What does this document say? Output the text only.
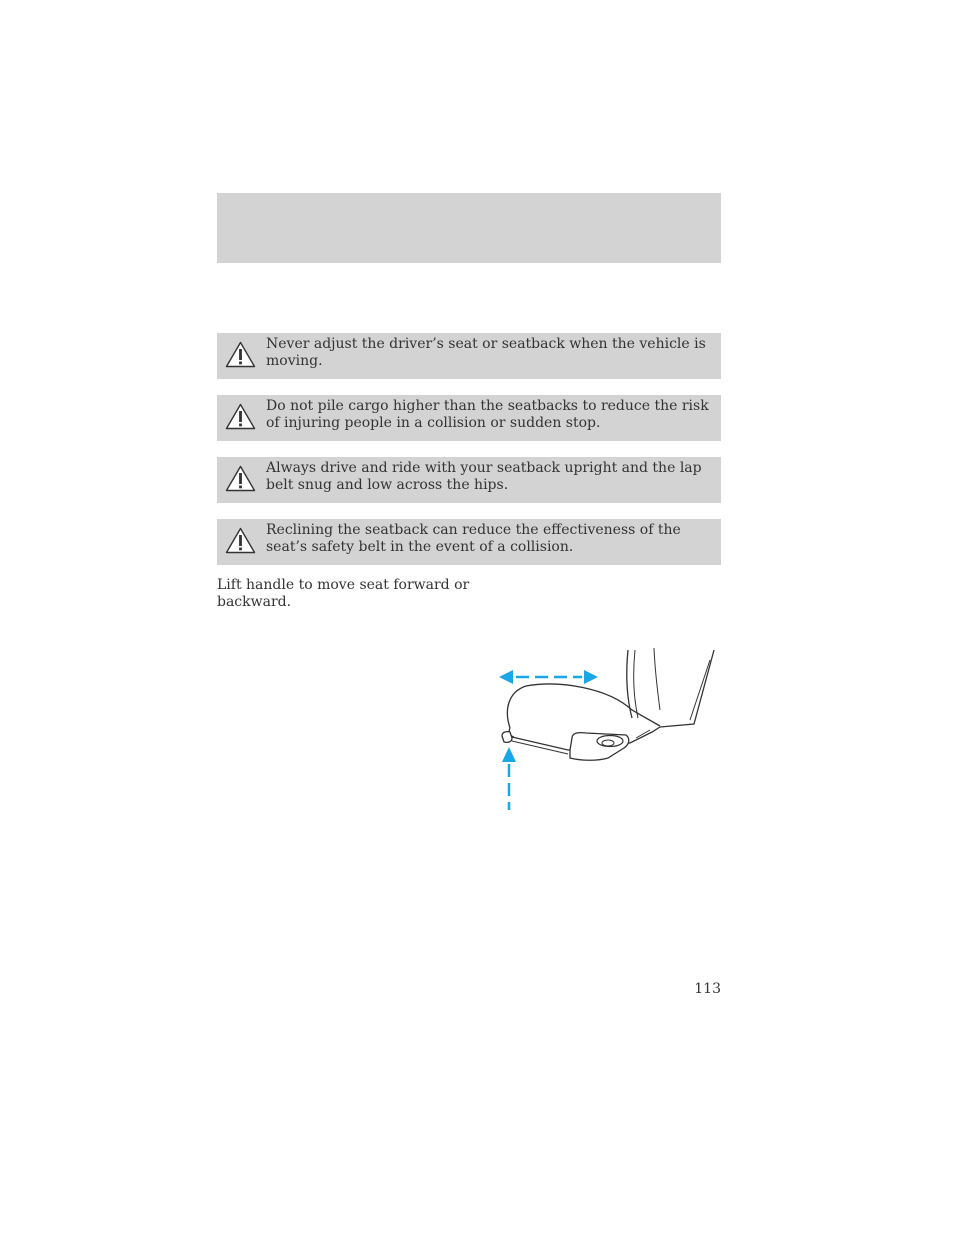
Never adjust the driver’s seat or seatback when the vehicle is moving.
Do not pile cargo higher than the seatbacks to reduce the risk of injuring people in a collision or sudden stop.
Always drive and ride with your seatback upright and the lap belt snug and low across the hips.
Reclining the seatback can reduce the effectiveness of the seat’s safety belt in the event of a collision.
Lift handle to move seat forward or backward.
113
